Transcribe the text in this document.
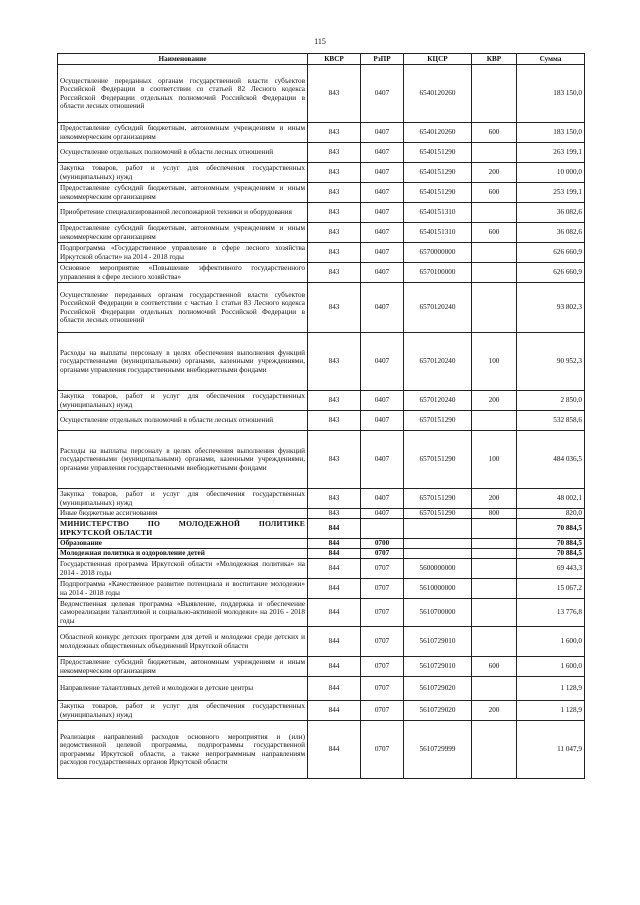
115
Наименование	КВСР	РзПР	КЦСР	КВР	Сумма
Осуществление переданных органам государственной власти субъектов Российской Федерации в соответствии со статьей 82 Лесного кодекса Российской Федерации отдельных полномочий Российской Федерации в области лесных отношений	843	0407	6540120260		183 150,0
Предоставление субсидий бюджетным, автономным учреждениям и иным некоммерческим организациям	843	0407	6540120260	600	183 150,0
Осуществление отдельных полномочий в области лесных отношений	843	0407	6540151290		263 199,1
Закупка товаров, работ и услуг для обеспечения государственных (муниципальных) нужд	843	0407	6540151290	200	10 000,0
Предоставление субсидий бюджетным, автономным учреждениям и иным некоммерческим организациям	843	0407	6540151290	600	253 199,1
Приобретение специализированной лесопожарной техники и оборудования	843	0407	6540151310		36 082,6
Предоставление субсидий бюджетным, автономным учреждениям и иным некоммерческим организациям	843	0407	6540151310	600	36 082,6
Подпрограмма «Государственное управление в сфере лесного хозяйства Иркутской области» на 2014 - 2018 годы	843	0407	6570000000		626 660,9
Основное мероприятие «Повышение эффективного государственного управления в сфере лесного хозяйства»	843	0407	6570100000		626 660,9
Осуществление переданных органам государственной власти субъектов Российской Федерации в соответствии с частью 1 статьи 83 Лесного кодекса Российской Федерации отдельных полномочий Российской Федерации в области лесных отношений	843	0407	6570120240		93 802,3
Расходы на выплаты персоналу в целях обеспечения выполнения функций государственными (муниципальными) органами, казенными учреждениями, органами управления государственными внебюджетными фондами	843	0407	6570120240	100	90 952,3
Закупка товаров, работ и услуг для обеспечения государственных (муниципальных) нужд	843	0407	6570120240	200	2 850,0
Осуществление отдельных полномочий в области лесных отношений	843	0407	6570151290		532 858,6
Расходы на выплаты персоналу в целях обеспечения выполнения функций государственными (муниципальными) органами, казенными учреждениями, органами управления государственными внебюджетными фондами	843	0407	6570151290	100	484 036,5
Закупка товаров, работ и услуг для обеспечения государственных (муниципальных) нужд	843	0407	6570151290	200	48 002,1
Иные бюджетные ассигнования	843	0407	6570151290	800	820,0
МИНИСТЕРСТВО ПО МОЛОДЕЖНОЙ ПОЛИТИКЕ ИРКУТСКОЙ ОБЛАСТИ	844				70 884,5
Образование	844	0700			70 884,5
Молодежная политика и оздоровление детей	844	0707			70 884,5
Государственная программа Иркутской области «Молодежная политика» на 2014 - 2018 годы	844	0707	5600000000		69 443,3
Подпрограмма «Качественное развитие потенциала и воспитание молодежи» на 2014 - 2018 годы	844	0707	5610000000		15 067,2
Ведомственная целевая программа «Выявление, поддержка и обеспечение самореализации талантливой и социально-активной молодежи» на 2016 - 2018 годы	844	0707	5610700000		13 776,8
Областной конкурс детских программ для детей и молодежи среди детских и молодежных общественных объединений Иркутской области	844	0707	5610729010		1 600,0
Предоставление субсидий бюджетным, автономным учреждениям и иным некоммерческим организациям	844	0707	5610729010	600	1 600,0
Направление талантливых детей и молодежи в детские центры	844	0707	5610729020		1 128,9
Закупка товаров, работ и услуг для обеспечения государственных (муниципальных) нужд	844	0707	5610729020	200	1 128,9
Реализация направлений расходов основного мероприятия и (или) ведомственной целевой программы, подпрограммы государственной программы Иркутской области, а также непрограммным направлениям расходов государственных органов Иркутской области	844	0707	5610729999		11 047,9
